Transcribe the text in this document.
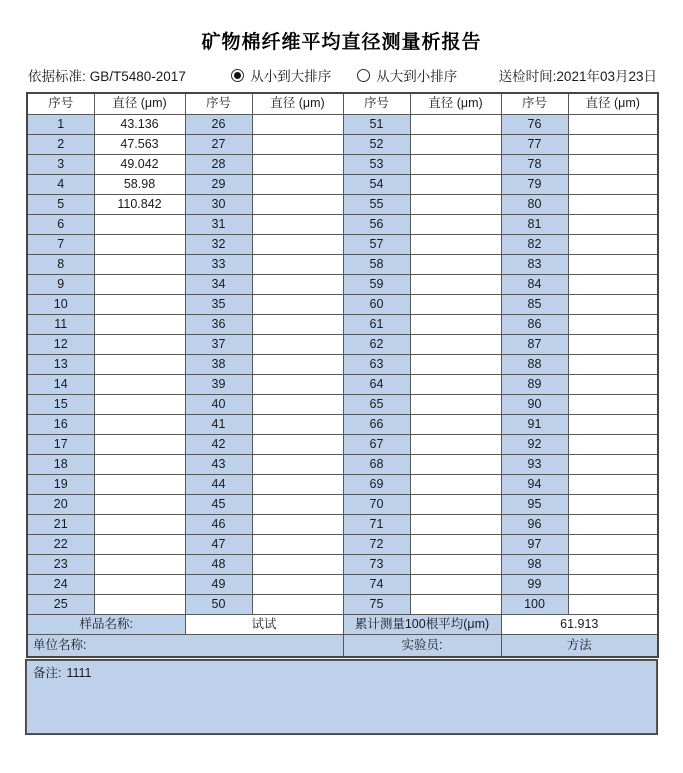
矿物棉纤维平均直径测量析报告
依据标准: GB/T5480-2017	从小到大排序	从大到小排序	送检时间:2021年03月23日
序号	直径 (μm)	序号	直径 (μm)	序号	直径 (μm)	序号	直径 (μm)
1	43.136	26		51		76	
2	47.563	27		52		77	
3	49.042	28		53		78	
4	58.98	29		54		79	
5	110.842	30		55		80	
6		31		56		81	
7		32		57		82	
8		33		58		83	
9		34		59		84	
10		35		60		85	
11		36		61		86	
12		37		62		87	
13		38		63		88	
14		39		64		89	
15		40		65		90	
16		41		66		91	
17		42		67		92	
18		43		68		93	
19		44		69		94	
20		45		70		95	
21		46		71		96	
22		47		72		97	
23		48		73		98	
24		49		74		99	
25		50		75		100	
样品名称:		试试		累计测量100根平均(μm)		61.913	
单位名称:				实验员:		方法	
备注: 1111
